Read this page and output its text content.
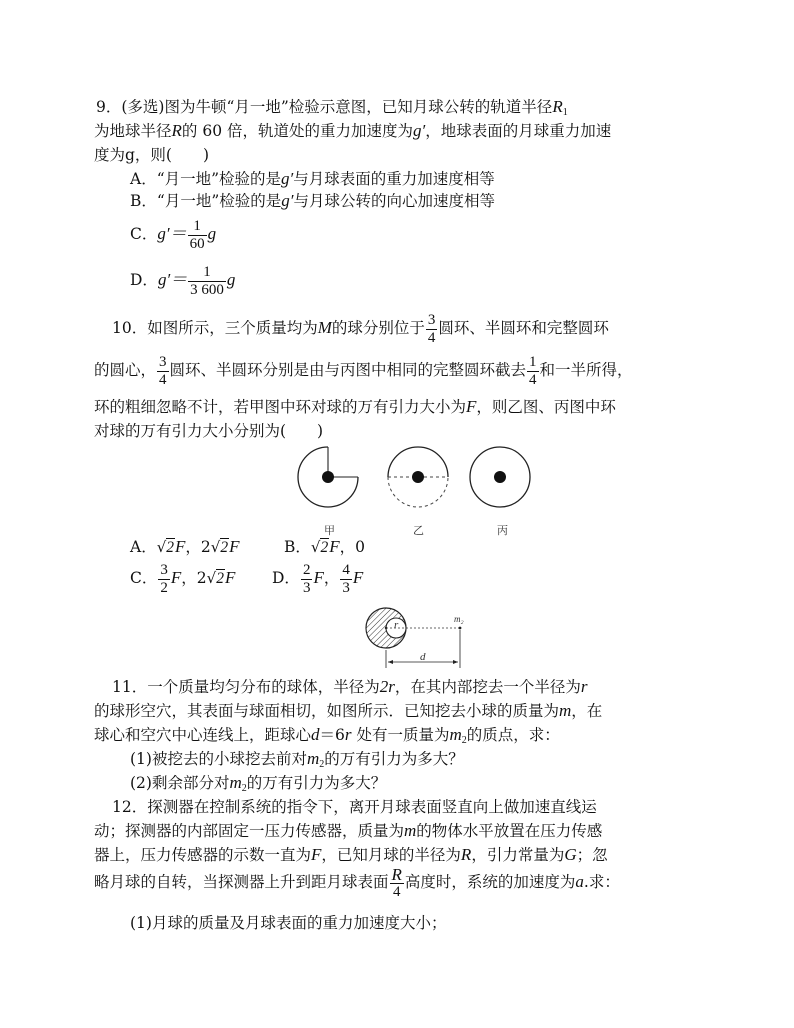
9．(多选)图为牛顿“月一地”检验示意图，已知月球公转的轨道半径$R_1$
为地球半径R的 60 倍，轨道处的重力加速度为g′，地球表面的月球重力加速
度为g，则(　　)
A．“月一地”检验的是g′与月球表面的重力加速度相等
B．“月一地”检验的是g′与月球公转的向心加速度相等
C．$g'= \frac{1}{60}$ g
D．$g'= \frac{1}{3 600}$ g
10．如图所示，三个质量均为M的球分别位于 $\frac{3}{4}$ 圆环、半圆环和完整圆环
的圆心， $\frac{3}{4}$ 圆环、半圆环分别是由与丙图中相同的完整圆环截去 $\frac{1}{4}$ 和一半所得，
环的粗细忽略不计，若甲图中环对球的万有引力大小为F，则乙图、丙图中环
对球的万有引力大小分别为(　　)
甲	乙	丙
A．√2F，2√2F	B．√2F，0
C． $\frac{3}{2}$ F，2√2F D． $\frac{2}{3}$ F， $\frac{4}{3}$ F
r	m₂
d
11．一个质量均匀分布的球体，半径为2r，在其内部挖去一个半径为r
的球形空穴，其表面与球面相切，如图所示．已知挖去小球的质量为m，在
球心和空穴中心连线上，距球心d＝6r 处有一质量为$m_2$的质点，求：
(1)被挖去的小球挖去前对$m_2$的万有引力为多大？
(2)剩余部分对$m_2$的万有引力为多大？
12．探测器在控制系统的指令下，离开月球表面竖直向上做加速直线运
动；探测器的内部固定一压力传感器，质量为m的物体水平放置在压力传感
器上，压力传感器的示数一直为F，已知月球的半径为R，引力常量为G；忽
略月球的自转，当探测器上升到距月球表面 $\frac{R}{4}$ 高度时，系统的加速度为a.求：
(1)月球的质量及月球表面的重力加速度大小；
